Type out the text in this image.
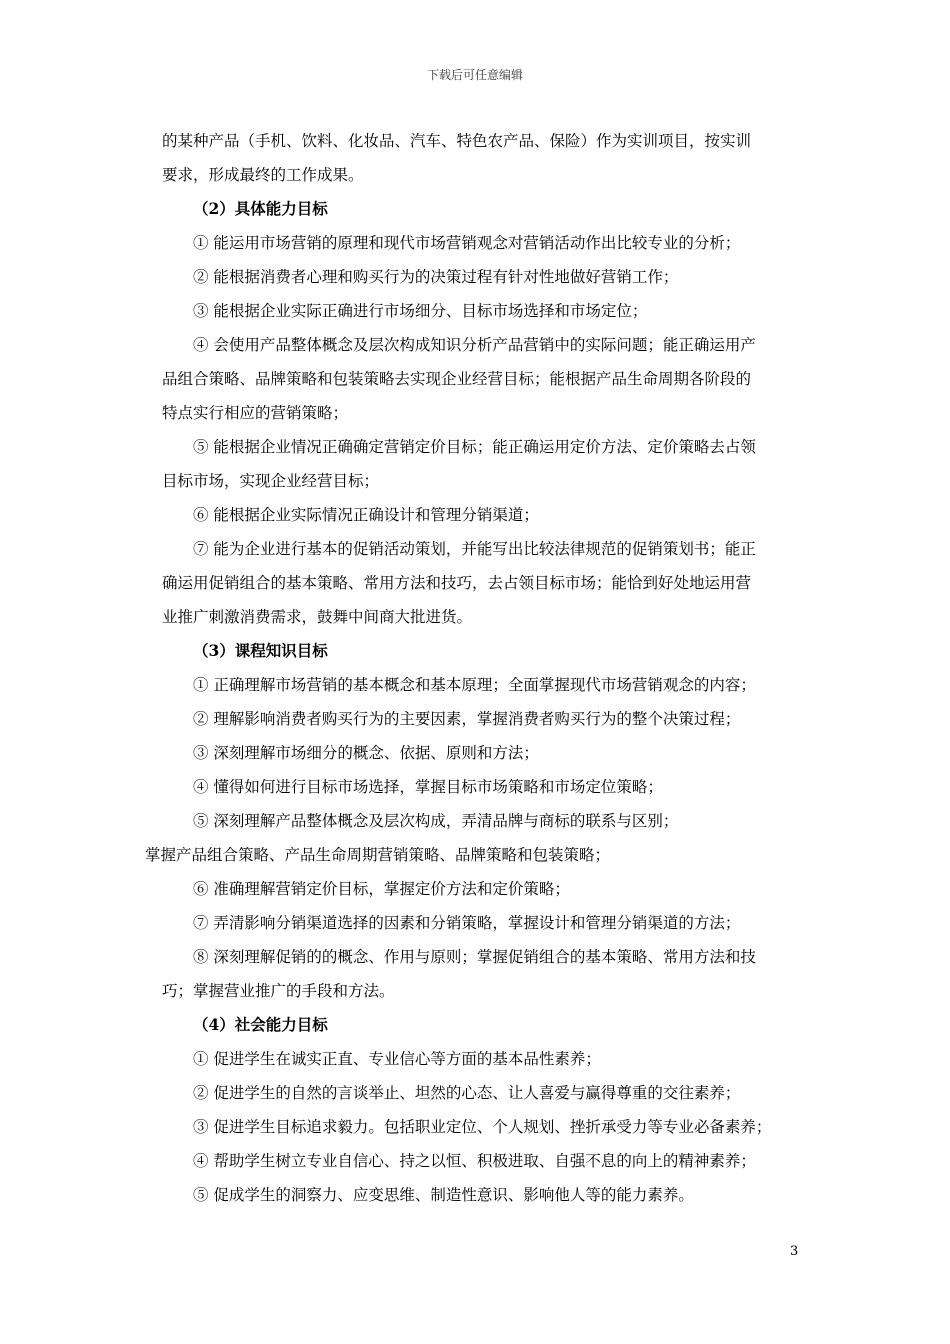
下载后可任意编辑
的某种产品（手机、饮料、化妆品、汽车、特色农产品、保险）作为实训项目，按实训
要求，形成最终的工作成果。
（2）具体能力目标
① 能运用市场营销的原理和现代市场营销观念对营销活动作出比较专业的分析；
② 能根据消费者心理和购买行为的决策过程有针对性地做好营销工作；
③ 能根据企业实际正确进行市场细分、目标市场选择和市场定位；
④ 会使用产品整体概念及层次构成知识分析产品营销中的实际问题；能正确运用产
品组合策略、品牌策略和包装策略去实现企业经营目标；能根据产品生命周期各阶段的
特点实行相应的营销策略；
⑤ 能根据企业情况正确确定营销定价目标；能正确运用定价方法、定价策略去占领
目标市场，实现企业经营目标；
⑥ 能根据企业实际情况正确设计和管理分销渠道；
⑦ 能为企业进行基本的促销活动策划，并能写出比较法律规范的促销策划书；能正
确运用促销组合的基本策略、常用方法和技巧，去占领目标市场；能恰到好处地运用营
业推广刺激消费需求，鼓舞中间商大批进货。
（3）课程知识目标
① 正确理解市场营销的基本概念和基本原理；全面掌握现代市场营销观念的内容；
② 理解影响消费者购买行为的主要因素，掌握消费者购买行为的整个决策过程；
③ 深刻理解市场细分的概念、依据、原则和方法；
④ 懂得如何进行目标市场选择，掌握目标市场策略和市场定位策略；
⑤ 深刻理解产品整体概念及层次构成，弄清品牌与商标的联系与区别；
掌握产品组合策略、产品生命周期营销策略、品牌策略和包装策略；
⑥ 准确理解营销定价目标，掌握定价方法和定价策略；
⑦ 弄清影响分销渠道选择的因素和分销策略，掌握设计和管理分销渠道的方法；
⑧ 深刻理解促销的的概念、作用与原则；掌握促销组合的基本策略、常用方法和技
巧；掌握营业推广的手段和方法。
（4）社会能力目标
① 促进学生在诚实正直、专业信心等方面的基本品性素养；
② 促进学生的自然的言谈举止、坦然的心态、让人喜爱与赢得尊重的交往素养；
③ 促进学生目标追求毅力。包括职业定位、个人规划、挫折承受力等专业必备素养；
④ 帮助学生树立专业自信心、持之以恒、积极进取、自强不息的向上的精神素养；
⑤ 促成学生的洞察力、应变思维、制造性意识、影响他人等的能力素养。
3
